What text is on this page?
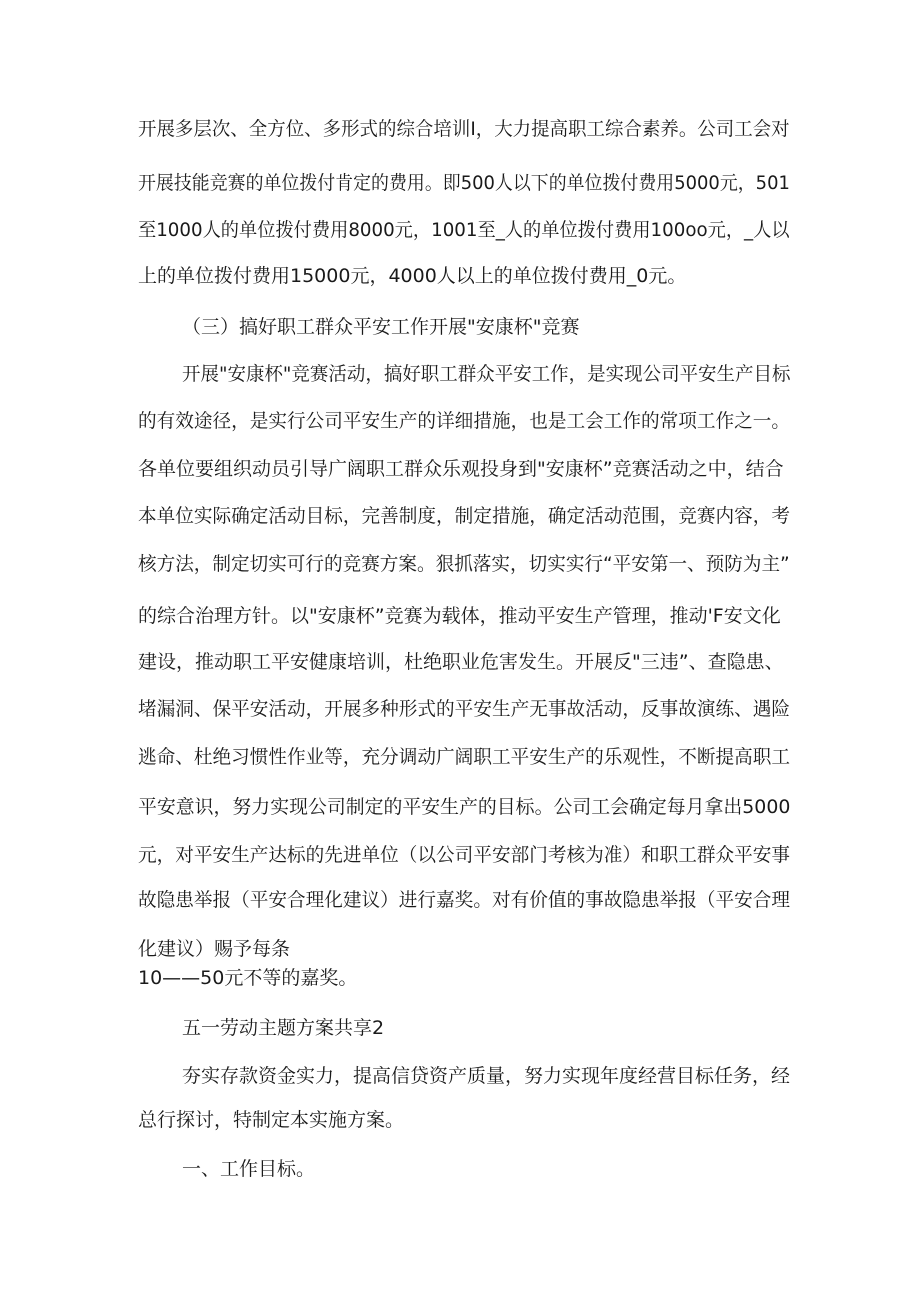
开展多层次、全方位、多形式的综合培训I，大力提高职工综合素养。公司工会对
开展技能竞赛的单位拨付肯定的费用。即500人以下的单位拨付费用5000元，501
至1000人的单位拨付费用8000元，1001至_人的单位拨付费用100oo元，_人以
上的单位拨付费用15000元，4000人以上的单位拨付费用_0元。
（三）搞好职工群众平安工作开展"安康杯"竞赛
开展"安康杯"竞赛活动，搞好职工群众平安工作，是实现公司平安生产目标
的有效途径，是实行公司平安生产的详细措施，也是工会工作的常项工作之一。
各单位要组织动员引导广阔职工群众乐观投身到"安康杯”竞赛活动之中，结合
本单位实际确定活动目标，完善制度，制定措施，确定活动范围，竞赛内容，考
核方法，制定切实可行的竞赛方案。狠抓落实，切实实行“平安第一、预防为主”
的综合治理方针。以"安康杯”竞赛为载体，推动平安生产管理，推动'F安文化
建设，推动职工平安健康培训，杜绝职业危害发生。开展反"三违”、查隐患、
堵漏洞、保平安活动，开展多种形式的平安生产无事故活动，反事故演练、遇险
逃命、杜绝习惯性作业等，充分调动广阔职工平安生产的乐观性，不断提高职工
平安意识，努力实现公司制定的平安生产的目标。公司工会确定每月拿出5000
元，对平安生产达标的先进单位（以公司平安部门考核为准）和职工群众平安事
故隐患举报（平安合理化建议）进行嘉奖。对有价值的事故隐患举报（平安合理
化建议）赐予每条
10——50元不等的嘉奖。
五一劳动主题方案共享2
夯实存款资金实力，提高信贷资产质量，努力实现年度经营目标任务，经
总行探讨，特制定本实施方案。
一、工作目标。
